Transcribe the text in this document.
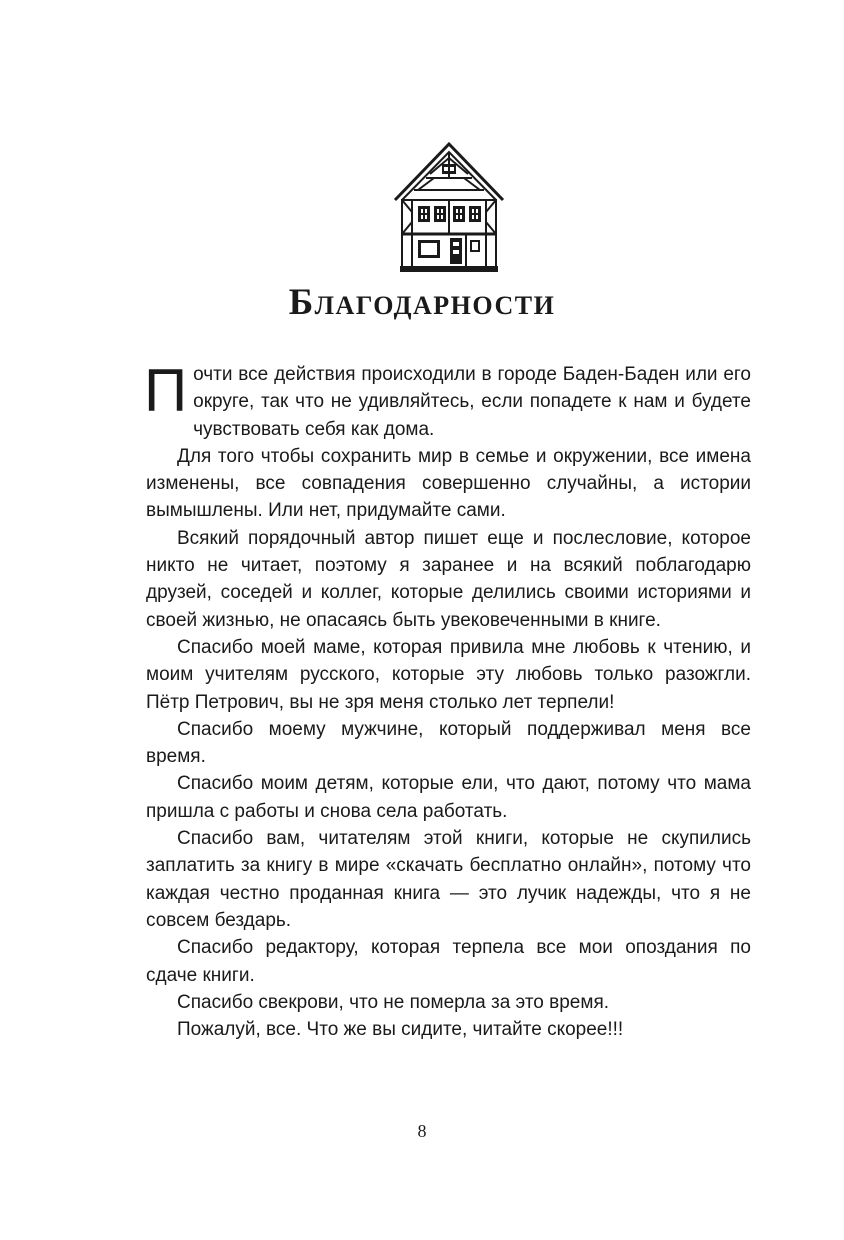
Благодарности

Почти все действия происходили в городе Баден-Баден или его округе, так что не удивляйтесь, если попадете к нам и будете чувствовать себя как дома.

Для того чтобы сохранить мир в семье и окружении, все имена изменены, все совпадения совершенно случайны, а истории вымышлены. Или нет, придумайте сами.

Всякий порядочный автор пишет еще и послесловие, которое никто не читает, поэтому я заранее и на всякий поблагодарю друзей, соседей и коллег, которые делились своими историями и своей жизнью, не опасаясь быть увековеченными в книге.

Спасибо моей маме, которая привила мне любовь к чтению, и моим учителям русского, которые эту любовь только разожгли. Пётр Петрович, вы не зря меня столько лет терпели!

Спасибо моему мужчине, который поддерживал меня все время.

Спасибо моим детям, которые ели, что дают, потому что мама пришла с работы и снова села работать.

Спасибо вам, читателям этой книги, которые не скупились заплатить за книгу в мире «скачать бесплатно онлайн», потому что каждая честно проданная книга — это лучик надежды, что я не совсем бездарь.

Спасибо редактору, которая терпела все мои опоздания по сдаче книги.

Спасибо свекрови, что не померла за это время.

Пожалуй, все. Что же вы сидите, читайте скорее!!!

8
